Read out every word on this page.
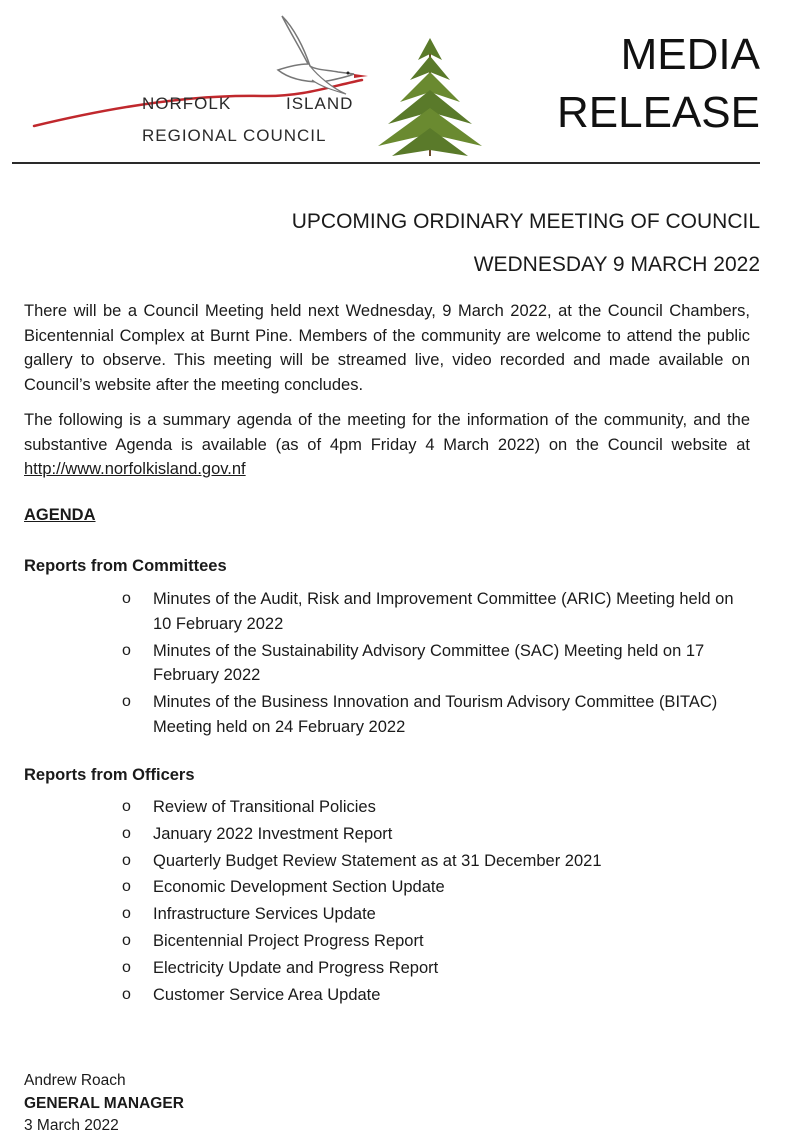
NORFOLK	ISLAND
REGIONAL COUNCIL
MEDIA
RELEASE
UPCOMING ORDINARY MEETING OF COUNCIL
WEDNESDAY 9 MARCH 2022
There will be a Council Meeting held next Wednesday, 9 March 2022, at the Council Chambers, Bicentennial Complex at Burnt Pine. Members of the community are welcome to attend the public gallery to observe. This meeting will be streamed live, video recorded and made available on Council’s website after the meeting concludes.
The following is a summary agenda of the meeting for the information of the community, and the substantive Agenda is available (as of 4pm Friday 4 March 2022) on the Council website at http://www.norfolkisland.gov.nf
AGENDA
Reports from Committees
o Minutes of the Audit, Risk and Improvement Committee (ARIC) Meeting held on 10 February 2022
o Minutes of the Sustainability Advisory Committee (SAC) Meeting held on 17 February 2022
o Minutes of the Business Innovation and Tourism Advisory Committee (BITAC) Meeting held on 24 February 2022
Reports from Officers
o Review of Transitional Policies
o January 2022 Investment Report
o Quarterly Budget Review Statement as at 31 December 2021
o Economic Development Section Update
o Infrastructure Services Update
o Bicentennial Project Progress Report
o Electricity Update and Progress Report
o Customer Service Area Update
Andrew Roach
GENERAL MANAGER
3 March 2022
